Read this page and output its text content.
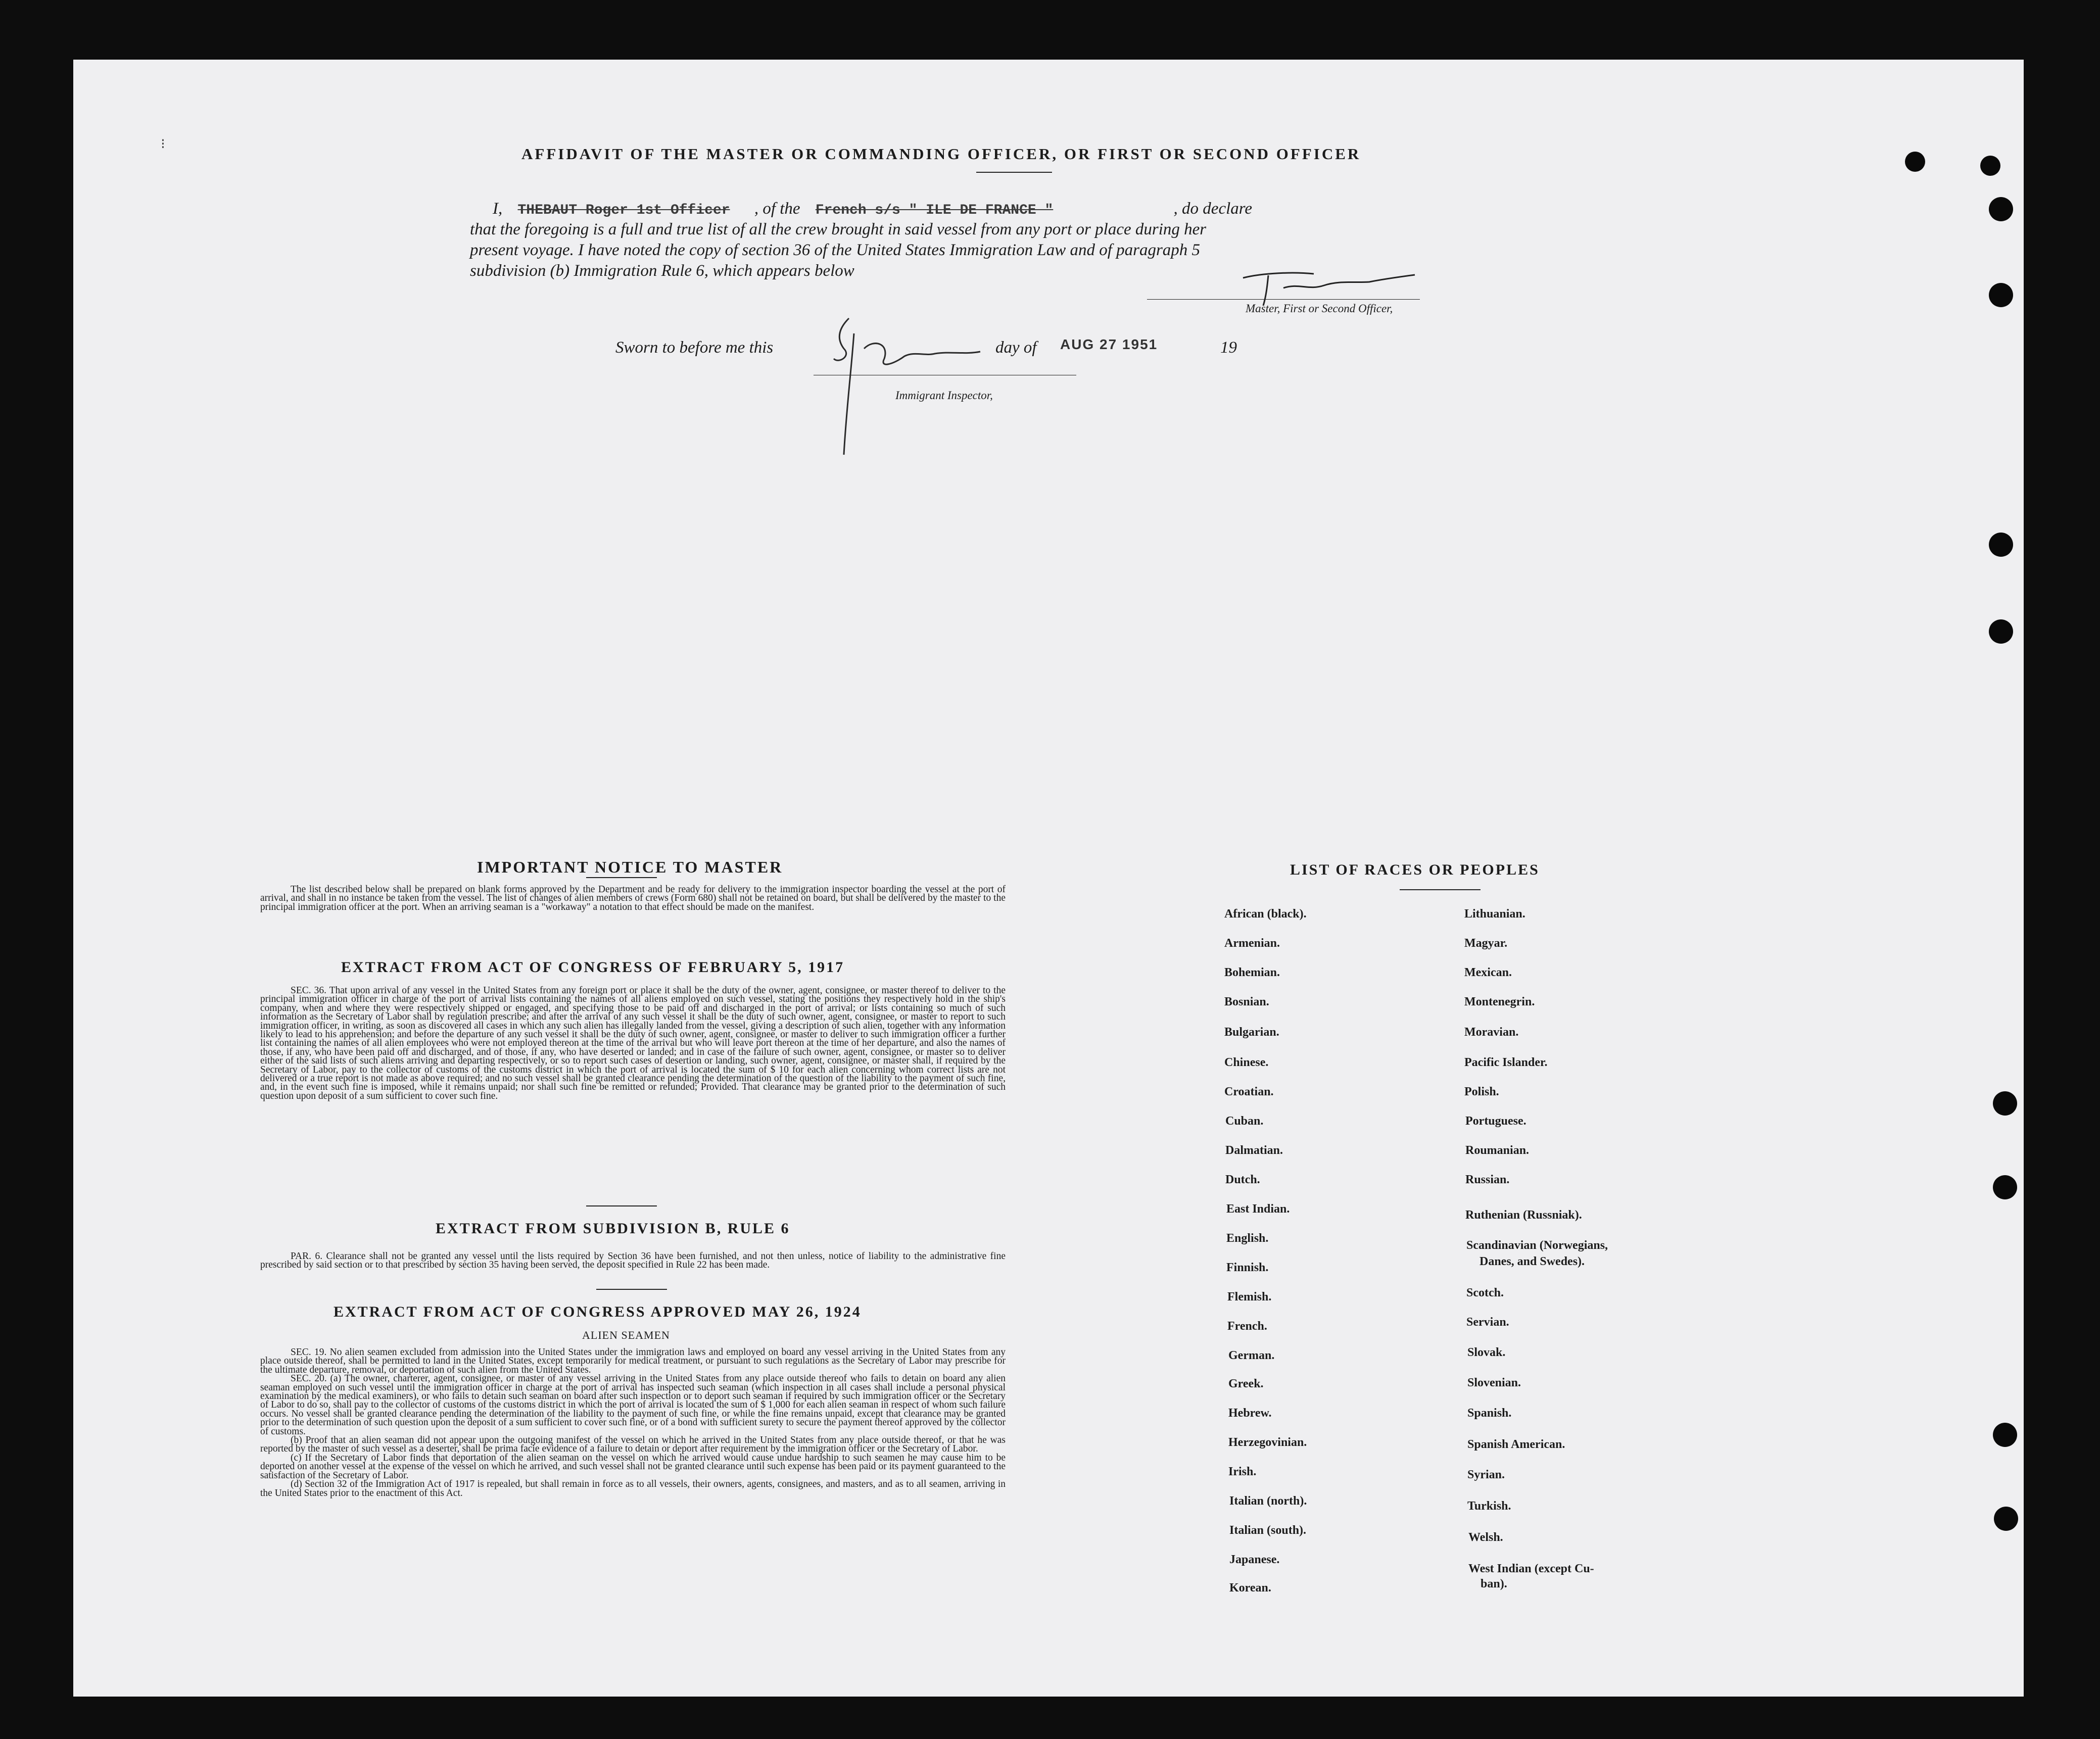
⁝
AFFIDAVIT OF THE MASTER OR COMMANDING OFFICER, OR FIRST OR SECOND OFFICER
I, THEBAUT Roger 1st Officer , of the French s/s " ILE DE FRANCE "	, do declare
that the foregoing is a full and true list of all the crew brought in said vessel from any port or place during her
present voyage. I have noted the copy of section 36 of the United States Immigration Law and of paragraph 5
subdivision (b) Immigration Rule 6, which appears below
Master, First or Second Officer,
Sworn to before me this	day of AUG 27 1951	19
Immigrant Inspector,
IMPORTANT NOTICE TO MASTER

The list described below shall be prepared on blank forms approved by the Department and be ready for delivery to the immigration inspector boarding the vessel at the port of arrival, and shall in no instance be taken from the vessel. The list of changes of alien members of crews (Form 680) shall not be retained on board, but shall be delivered by the master to the principal immigration officer at the port. When an arriving seaman is a "workaway" a notation to that effect should be made on the manifest.

EXTRACT FROM ACT OF CONGRESS OF FEBRUARY 5, 1917

SEC. 36. That upon arrival of any vessel in the United States from any foreign port or place it shall be the duty of the owner, agent, consignee, or master thereof to deliver to the principal immigration officer in charge of the port of arrival lists containing the names of all aliens employed on such vessel, stating the positions they respectively hold in the ship's company, when and where they were respectively shipped or engaged, and specifying those to be paid off and discharged in the port of arrival; or lists containing so much of such information as the Secretary of Labor shall by regulation prescribe; and after the arrival of any such vessel it shall be the duty of such owner, agent, consignee, or master to report to such immigration officer, in writing, as soon as discovered all cases in which any such alien has illegally landed from the vessel, giving a description of such alien, together with any information likely to lead to his apprehension; and before the departure of any such vessel it shall be the duty of such owner, agent, consignee, or master to deliver to such immigration officer a further list containing the names of all alien employees who were not employed thereon at the time of the arrival but who will leave port thereon at the time of her departure, and also the names of those, if any, who have been paid off and discharged, and of those, if any, who have deserted or landed; and in case of the failure of such owner, agent, consignee, or master so to deliver either of the said lists of such aliens arriving and departing respectively, or so to report such cases of desertion or landing, such owner, agent, consignee, or master shall, if required by the Secretary of Labor, pay to the collector of customs of the customs district in which the port of arrival is located the sum of $ 10 for each alien concerning whom correct lists are not delivered or a true report is not made as above required; and no such vessel shall be granted clearance pending the determination of the question of the liability to the payment of such fine, and, in the event such fine is imposed, while it remains unpaid; nor shall such fine be remitted or refunded; Provided. That clearance may be granted prior to the determination of such question upon deposit of a sum sufficient to cover such fine.

EXTRACT FROM SUBDIVISION B, RULE 6

PAR. 6. Clearance shall not be granted any vessel until the lists required by Section 36 have been furnished, and not then unless, notice of liability to the administrative fine prescribed by said section or to that prescribed by section 35 having been served, the deposit specified in Rule 22 has been made.

EXTRACT FROM ACT OF CONGRESS APPROVED MAY 26, 1924
ALIEN SEAMEN

SEC. 19. No alien seamen excluded from admission into the United States under the immigration laws and employed on board any vessel arriving in the United States from any place outside thereof, shall be permitted to land in the United States, except temporarily for medical treatment, or pursuant to such regulations as the Secretary of Labor may prescribe for the ultimate departure, removal, or deportation of such alien from the United States.

SEC. 20. (a) The owner, charterer, agent, consignee, or master of any vessel arriving in the United States from any place outside thereof who fails to detain on board any alien seaman employed on such vessel until the immigration officer in charge at the port of arrival has inspected such seaman (which inspection in all cases shall include a personal physical examination by the medical examiners), or who fails to detain such seaman on board after such inspection or to deport such seaman if required by such immigration officer or the Secretary of Labor to do so, shall pay to the collector of customs of the customs district in which the port of arrival is located the sum of $ 1,000 for each alien seaman in respect of whom such failure occurs. No vessel shall be granted clearance pending the determination of the liability to the payment of such fine, or while the fine remains unpaid, except that clearance may be granted prior to the determination of such question upon the deposit of a sum sufficient to cover such fine, or of a bond with sufficient surety to secure the payment thereof approved by the collector of customs.

(b) Proof that an alien seaman did not appear upon the outgoing manifest of the vessel on which he arrived in the United States from any place outside thereof, or that he was reported by the master of such vessel as a deserter, shall be prima facie evidence of a failure to detain or deport after requirement by the immigration officer or the Secretary of Labor.

(c) If the Secretary of Labor finds that deportation of the alien seaman on the vessel on which he arrived would cause undue hardship to such seamen he may cause him to be deported on another vessel at the expense of the vessel on which he arrived, and such vessel shall not be granted clearance until such expense has been paid or its payment guaranteed to the satisfaction of the Secretary of Labor.

(d) Section 32 of the Immigration Act of 1917 is repealed, but shall remain in force as to all vessels, their owners, agents, consignees, and masters, and as to all seamen, arriving in the United States prior to the enactment of this Act.

LIST OF RACES OR PEOPLES
African (black).
Armenian.
Bohemian.
Bosnian.
Bulgarian.
Chinese.
Croatian.
Cuban.
Dalmatian.
Dutch.
East Indian.
English.
Finnish.
Flemish.
French.
German.
Greek.
Hebrew.
Herzegovinian.
Irish.
Italian (north).
Italian (south).
Japanese.
Korean.
Lithuanian.
Magyar.
Mexican.
Montenegrin.
Moravian.
Pacific Islander.
Polish.
Portuguese.
Roumanian.
Russian.
Ruthenian (Russniak).
Scandinavian (Norwegians,
Danes, and Swedes).
Scotch.
Servian.
Slovak.
Slovenian.
Spanish.
Spanish American.
Syrian.
Turkish.
Welsh.
West Indian (except Cu-
ban).
